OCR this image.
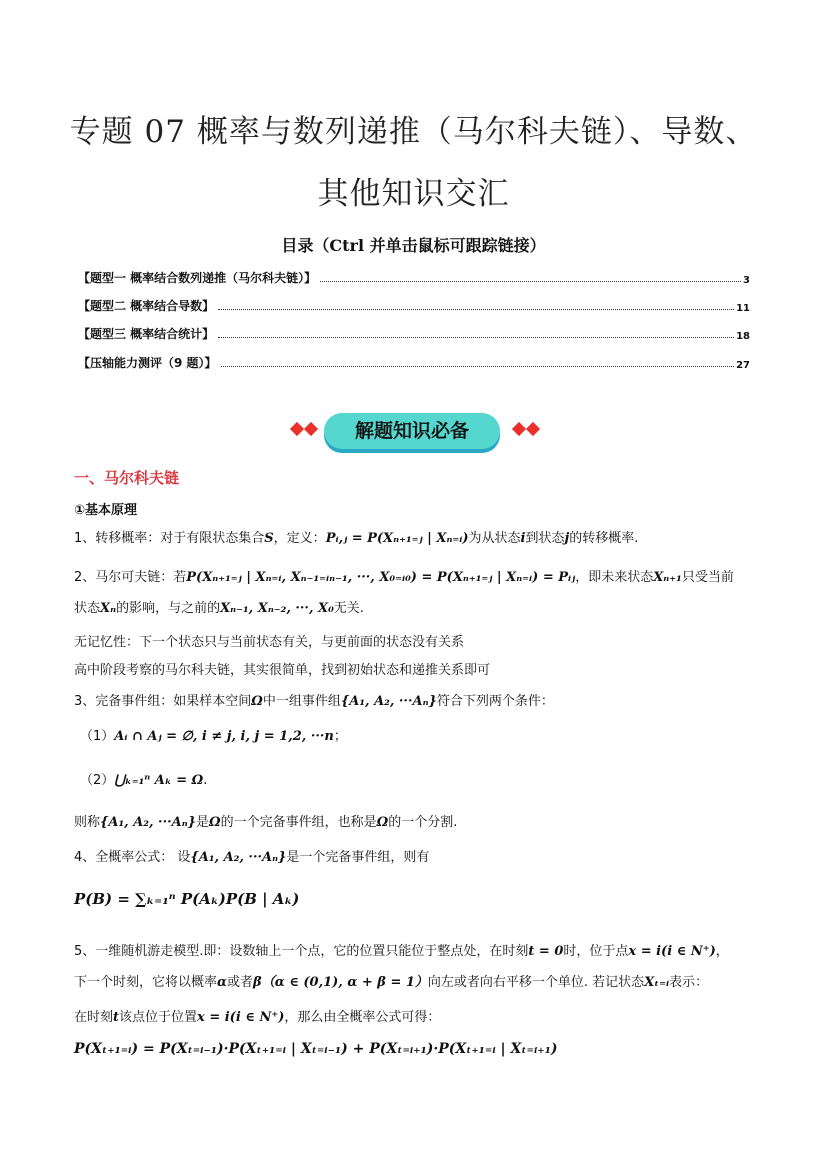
专题 07 概率与数列递推（马尔科夫链）、导数、
其他知识交汇
目录（Ctrl 并单击鼠标可跟踪链接）
【题型一 概率结合数列递推（马尔科夫链）】	3
【题型二 概率结合导数】	11
【题型三 概率结合统计】	18
【压轴能力测评（9 题）】	27
解题知识必备
一、马尔科夫链
①基本原理
1、转移概率：对于有限状态集合S，定义：Pᵢ,ⱼ = P(Xₙ₊₁₌ⱼ | Xₙ₌ᵢ)为从状态i到状态j的转移概率.
2、马尔可夫链：若P(Xₙ₊₁₌ⱼ | Xₙ₌ᵢ, Xₙ₋₁₌ᵢₙ₋₁, ···, X₀₌ᵢ₀) = P(Xₙ₊₁₌ⱼ | Xₙ₌ᵢ) = Pᵢⱼ，即未来状态Xₙ₊₁只受当前
状态Xₙ的影响，与之前的Xₙ₋₁, Xₙ₋₂, ···, X₀无关.
无记忆性：下一个状态只与当前状态有关，与更前面的状态没有关系
高中阶段考察的马尔科夫链，其实很简单，找到初始状态和递推关系即可
3、完备事件组：如果样本空间Ω中一组事件组{A₁, A₂, ···Aₙ}符合下列两个条件：
（1）Aᵢ ∩ Aⱼ = ∅, i ≠ j, i, j = 1,2, ···n；
（2）⋃ₖ₌₁ⁿ Aₖ = Ω.
则称{A₁, A₂, ···Aₙ}是Ω的一个完备事件组，也称是Ω的一个分割.
4、全概率公式： 设{A₁, A₂, ···Aₙ}是一个完备事件组，则有
P(B) = ∑ₖ₌₁ⁿ P(Aₖ)P(B | Aₖ)
5、一维随机游走模型.即：设数轴上一个点，它的位置只能位于整点处，在时刻t = 0时，位于点x = i(i ∈ N⁺)，
下一个时刻，它将以概率α或者β（α ∈ (0,1), α + β = 1）向左或者向右平移一个单位. 若记状态Xₜ₌ᵢ表示：
在时刻t该点位于位置x = i(i ∈ N⁺)，那么由全概率公式可得：
P(Xₜ₊₁₌ᵢ) = P(Xₜ₌ᵢ₋₁)·P(Xₜ₊₁₌ᵢ | Xₜ₌ᵢ₋₁) + P(Xₜ₌ᵢ₊₁)·P(Xₜ₊₁₌ᵢ | Xₜ₌ᵢ₊₁)
